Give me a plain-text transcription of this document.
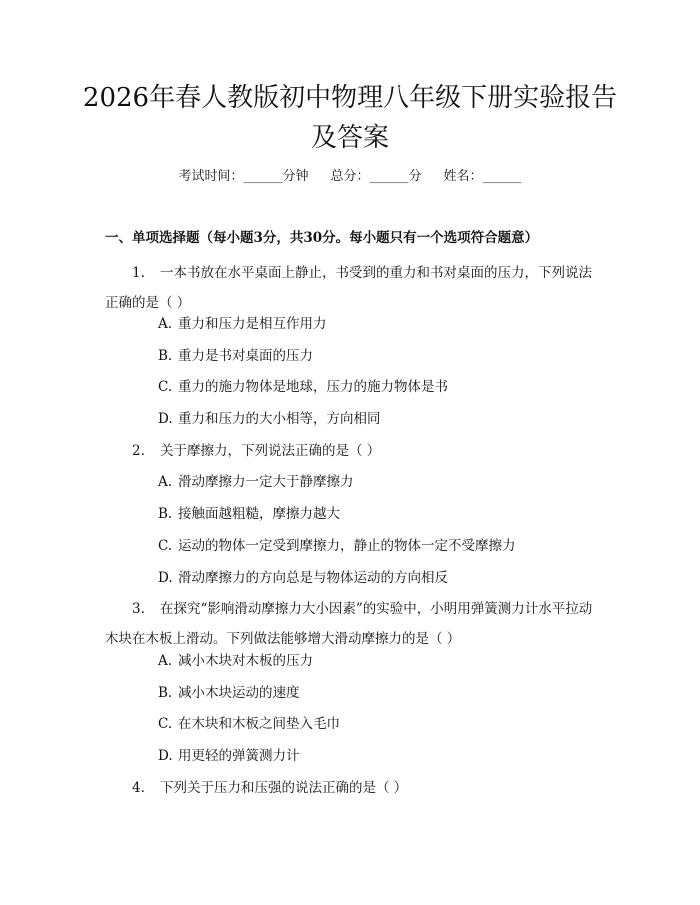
2026年春人教版初中物理八年级下册实验报告及答案
考试时间：______分钟 总分：______分 姓名：______
一、单项选择题（每小题3分，共30分。每小题只有一个选项符合题意）
1. 一本书放在水平桌面上静止，书受到的重力和书对桌面的压力，下列说法正确的是（ ）
A. 重力和压力是相互作用力
B. 重力是书对桌面的压力
C. 重力的施力物体是地球，压力的施力物体是书
D. 重力和压力的大小相等，方向相同
2. 关于摩擦力，下列说法正确的是（ ）
A. 滑动摩擦力一定大于静摩擦力
B. 接触面越粗糙，摩擦力越大
C. 运动的物体一定受到摩擦力，静止的物体一定不受摩擦力
D. 滑动摩擦力的方向总是与物体运动的方向相反
3. 在探究“影响滑动摩擦力大小因素”的实验中，小明用弹簧测力计水平拉动木块在木板上滑动。下列做法能够增大滑动摩擦力的是（ ）
A. 减小木块对木板的压力
B. 减小木块运动的速度
C. 在木块和木板之间垫入毛巾
D. 用更轻的弹簧测力计
4. 下列关于压力和压强的说法正确的是（ ）
